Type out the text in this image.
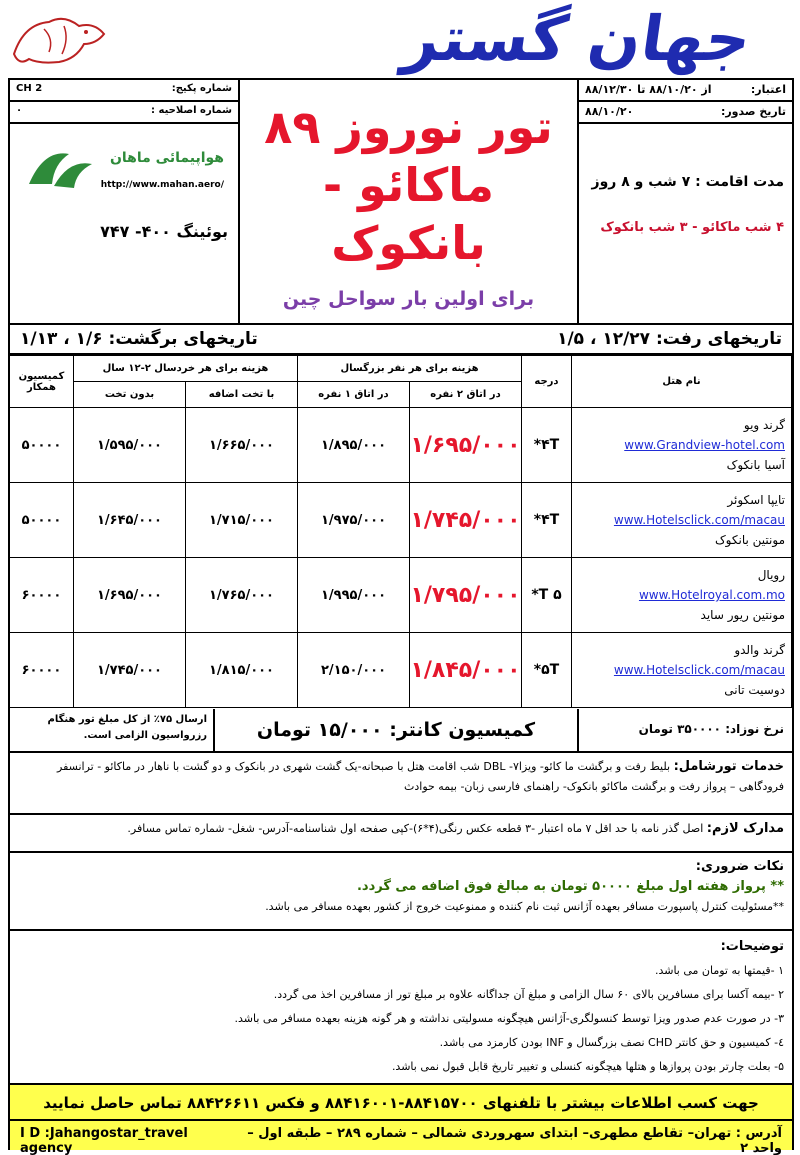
جهان گستر
اعتبار:
از ۸۸/۱۰/۲۰ تا ۸۸/۱۲/۳۰
تاریخ صدور:
۸۸/۱۰/۲۰
مدت اقامت : ۷ شب و ۸ روز
۴ شب ماکائو - ۳ شب بانکوک
تور نوروز ۸۹
ماکائو - بانکوک
برای اولین بار سواحل چین
شماره پکیج:
CH 2
شماره اصلاحیه :
۰
هواپیمائی ماهان
http://www.mahan.aero/
بوئینگ ۴۰۰- ۷۴۷
تاریخهای رفت: ۱۲/۲۷ ، ۱/۵
تاریخهای برگشت: ۱/۶ ، ۱/۱۳
نام هتل	درجه	هزینه برای هر نفر بزرگسال		هزینه برای هر خردسال ۲-۱۲ سال		کمیسیون همکار
		در اتاق ۲ نفره	در اتاق ۱ نفره	با تخت اضافه	بدون تخت	

گرند ویو
www.Grandview-hotel.com
آسیا بانکوک	۴T*	۱/۶۹۵/۰۰۰	۱/۸۹۵/۰۰۰	۱/۶۶۵/۰۰۰	۱/۵۹۵/۰۰۰	۵۰۰۰۰

تایپا اسکوئر
www.Hotelsclick.com/macau
مونتین بانکوک	۴T*	۱/۷۴۵/۰۰۰	۱/۹۷۵/۰۰۰	۱/۷۱۵/۰۰۰	۱/۶۴۵/۰۰۰	۵۰۰۰۰

رویال
www.Hotelroyal.com.mo
مونتین ریور ساید	۵ T*	۱/۷۹۵/۰۰۰	۱/۹۹۵/۰۰۰	۱/۷۶۵/۰۰۰	۱/۶۹۵/۰۰۰	۶۰۰۰۰

گرند والدو
www.Hotelsclick.com/macau
دوسیت تانی	۵T*	۱/۸۴۵/۰۰۰	۲/۱۵۰/۰۰۰	۱/۸۱۵/۰۰۰	۱/۷۴۵/۰۰۰	۶۰۰۰۰
نرخ نوزاد: ۳۵۰۰۰۰ تومان
کمیسیون کانتر: ۱۵/۰۰۰ تومان
ارسال ۷۵٪ از کل مبلغ تور هنگام رزرواسیون الزامی است.
خدمات تورشامل: بلیط رفت و برگشت ما کائو- ویزاDBL -۷ شب اقامت هتل با صبحانه-یک گشت شهری در بانکوک و دو گشت با ناهار در ماکائو - ترانسفر فرودگاهی – پرواز رفت و برگشت ماکائو بانکوک- راهنمای فارسی زبان- بیمه حوادث
مدارک لازم: اصل گذر نامه با حد اقل ۷ ماه اعتبار -۳ قطعه عکس رنگی(۴*۶)-کپی صفحه اول شناسنامه-آدرس- شغل- شماره تماس مسافر.
نکات ضروری:
** پرواز هفته اول مبلغ ۵۰۰۰۰ تومان به مبالغ فوق اضافه می گردد.
**مسئولیت کنترل پاسپورت مسافر بعهده آژانس ثبت نام کننده و ممنوعیت خروج از کشور بعهده مسافر می باشد.
توضیحات:
۱ -قیمتها به تومان می باشد.
۲ -بیمه آکسا برای مسافرین بالای ۶۰ سال الزامی و مبلغ آن جداگانه علاوه بر مبلغ تور از مسافرین اخذ می گردد.
۳- در صورت عدم صدور ویزا توسط کنسولگری-آژانس هیچگونه مسولیتی نداشته و هر گونه هزینه بعهده مسافر می باشد.
٤- کمیسیون و حق کانتر CHD نصف بزرگسال و INF بودن کارمزد می باشد.
۵- بعلت چارتر بودن پروازها و هتلها هیچگونه کنسلی و تغییر تاریخ قابل قبول نمی باشد.
جهت کسب اطلاعات بیشتر با تلفنهای ۸۸۴۱۵۷۰۰-۸۸۴۱۶۰۰۱ و فکس ۸۸۴۲۶۶۱۱ تماس حاصل نمایید
آدرس : تهران– تقاطع مطهری– ابتدای سهروردی شمالی – شماره ۲۸۹ – طبقه اول – واحد ۲
I D :Jahangostar_travel agency
